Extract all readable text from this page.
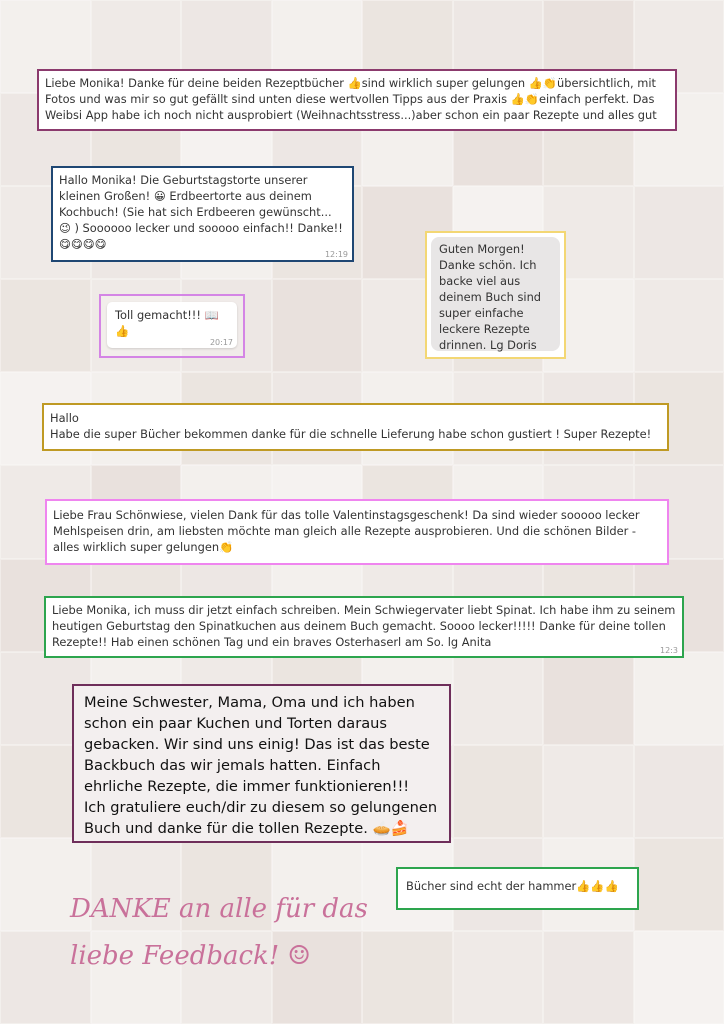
Liebe Monika! Danke für deine beiden Rezeptbücher 👍sind wirklich super gelungen 👍👏übersichtlich, mit Fotos und was mir so gut gefällt sind unten diese wertvollen Tipps aus der Praxis 👍👏einfach perfekt. Das Weibsi App habe ich noch nicht ausprobiert (Weihnachtsstress...)aber schon ein paar Rezepte und alles gut
Hallo Monika! Die Geburtstagstorte unserer kleinen Großen! 😀 Erdbeertorte aus deinem Kochbuch! (Sie hat sich Erdbeeren gewünscht... 😉 ) Soooooo lecker und sooooo einfach!! Danke!! 😋😋😋😋
12:19	Guten Morgen! Danke schön. Ich backe viel aus deinem Buch sind super einfache leckere Rezepte drinnen. Lg Doris
Toll gemacht!!! 📖 👍
20:17
Hallo
Habe die super Bücher bekommen danke für die schnelle Lieferung habe schon gustiert ! Super Rezepte!
Liebe Frau Schönwiese, vielen Dank für das tolle Valentinstagsgeschenk! Da sind wieder sooooo lecker Mehlspeisen drin, am liebsten möchte man gleich alle Rezepte ausprobieren. Und die schönen Bilder - alles wirklich super gelungen👏
Liebe Monika, ich muss dir jetzt einfach schreiben. Mein Schwiegervater liebt Spinat. Ich habe ihm zu seinem heutigen Geburtstag den Spinatkuchen aus deinem Buch gemacht. Soooo lecker!!!!! Danke für deine tollen Rezepte!! Hab einen schönen Tag und ein braves Osterhaserl am So. lg Anita
12:3
Meine Schwester, Mama, Oma und ich haben schon ein paar Kuchen und Torten daraus gebacken. Wir sind uns einig! Das ist das beste Backbuch das wir jemals hatten. Einfach ehrliche Rezepte, die immer funktionieren!!!
Ich gratuliere euch/dir zu diesem so gelungenen Buch und danke für die tollen Rezepte. 🥧🍰
Bücher sind echt der hammer👍👍👍
DANKE an alle für das liebe Feedback! ☺
